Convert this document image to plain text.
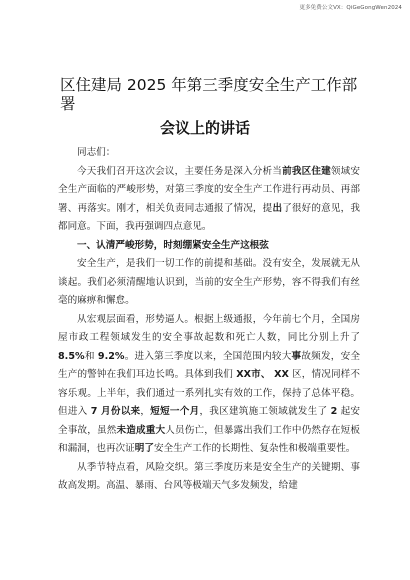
更多免费公文VX：QiGeGongWen2024
区住建局 2025 年第三季度安全生产工作部
署
会议上的讲话

同志们：

今天我们召开这次会议，主要任务是深入分析当前我区住建领域安全生产面临的严峻形势，对第三季度的安全生产工作进行再动员、再部署、再落实。刚才，相关负责同志通报了情况，提出了很好的意见，我都同意。下面，我再强调四点意见。

一、认清严峻形势，时刻绷紧安全生产这根弦

安全生产，是我们一切工作的前提和基础。没有安全，发展就无从谈起。我们必须清醒地认识到，当前的安全生产形势，容不得我们有丝毫的麻痹和懈怠。

从宏观层面看，形势逼人。根据上级通报，今年前七个月，全国房屋市政工程领域发生的安全事故起数和死亡人数，同比分别上升了 8.5%和 9.2%。进入第三季度以来，全国范围内较大事故频发，安全生产的警钟在我们耳边长鸣。具体到我们 XX市、 XX 区，情况同样不容乐观。上半年，我们通过一系列扎实有效的工作，保持了总体平稳。但进入 7 月份以来，短短一个月，我区建筑施工领域就发生了 2 起安全事故，虽然未造成重大人员伤亡，但暴露出我们工作中仍然存在短板和漏洞，也再次证明了安全生产工作的长期性、复杂性和极端重要性。

从季节特点看，风险交织。第三季度历来是安全生产的关键期、事故高发期。高温、暴雨、台风等极端天气多发频发，给建
